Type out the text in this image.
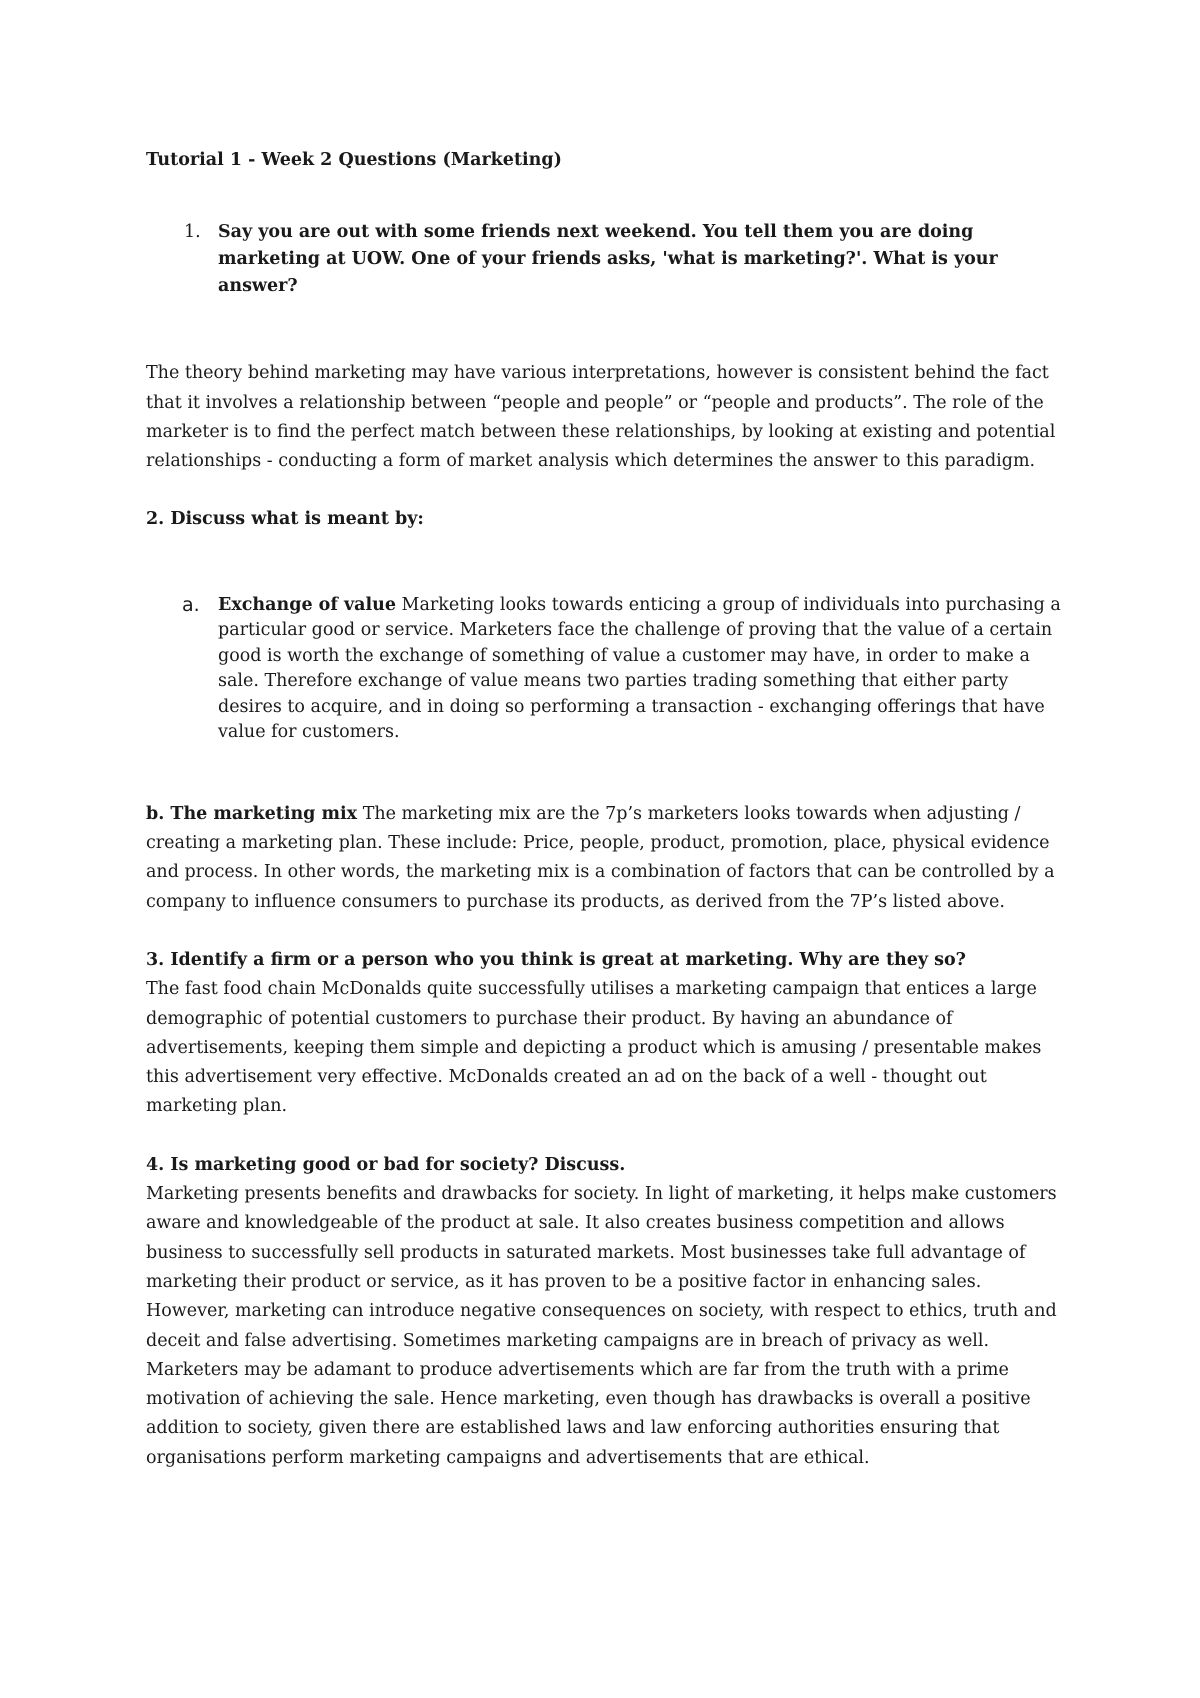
Tutorial 1 - Week 2 Questions (Marketing)

1. Say you are out with some friends next weekend. You tell them you are doing marketing at UOW. One of your friends asks, 'what is marketing?'. What is your answer?

The theory behind marketing may have various interpretations, however is consistent behind the fact that it involves a relationship between “people and people” or “people and products”. The role of the marketer is to find the perfect match between these relationships, by looking at existing and potential relationships - conducting a form of market analysis which determines the answer to this paradigm.

2. Discuss what is meant by:

a. Exchange of value Marketing looks towards enticing a group of individuals into purchasing a particular good or service. Marketers face the challenge of proving that the value of a certain good is worth the exchange of something of value a customer may have, in order to make a sale. Therefore exchange of value means two parties trading something that either party desires to acquire, and in doing so performing a transaction - exchanging offerings that have value for customers.

b. The marketing mix The marketing mix are the 7p’s marketers looks towards when adjusting / creating a marketing plan. These include: Price, people, product, promotion, place, physical evidence and process. In other words, the marketing mix is a combination of factors that can be controlled by a company to influence consumers to purchase its products, as derived from the 7P’s listed above.

3. Identify a firm or a person who you think is great at marketing. Why are they so?

The fast food chain McDonalds quite successfully utilises a marketing campaign that entices a large demographic of potential customers to purchase their product. By having an abundance of advertisements, keeping them simple and depicting a product which is amusing / presentable makes this advertisement very effective. McDonalds created an ad on the back of a well - thought out marketing plan.

4. Is marketing good or bad for society? Discuss.

Marketing presents benefits and drawbacks for society. In light of marketing, it helps make customers aware and knowledgeable of the product at sale. It also creates business competition and allows business to successfully sell products in saturated markets. Most businesses take full advantage of marketing their product or service, as it has proven to be a positive factor in enhancing sales. However, marketing can introduce negative consequences on society, with respect to ethics, truth and deceit and false advertising. Sometimes marketing campaigns are in breach of privacy as well. Marketers may be adamant to produce advertisements which are far from the truth with a prime motivation of achieving the sale. Hence marketing, even though has drawbacks is overall a positive addition to society, given there are established laws and law enforcing authorities ensuring that organisations perform marketing campaigns and advertisements that are ethical.
